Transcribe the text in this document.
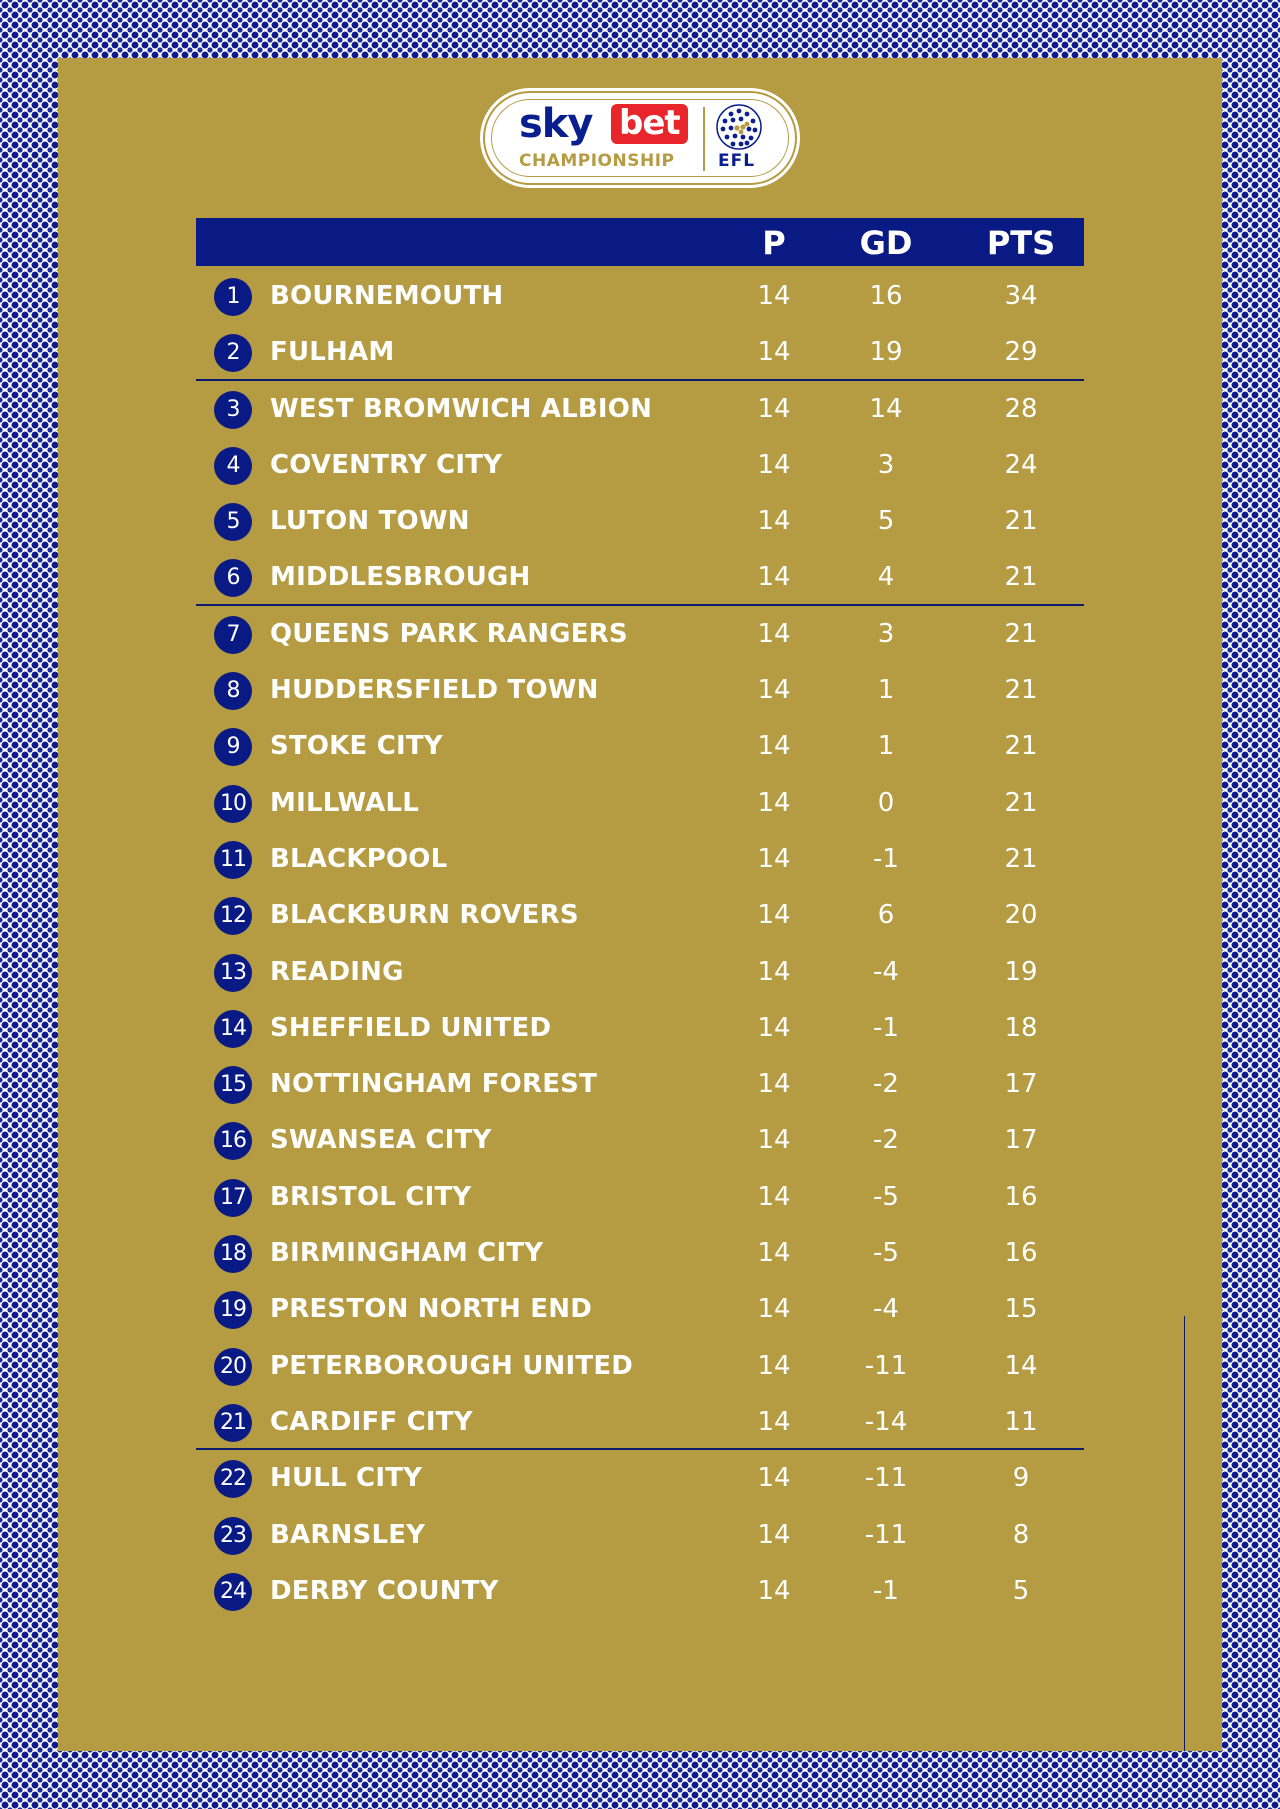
sky bet
CHAMPIONSHIP	EFL
P	GD	PTS
1	BOURNEMOUTH	14	16	34
2	FULHAM	14	19	29
3	WEST BROMWICH ALBION	14	14	28
4	COVENTRY CITY	14	3	24
5	LUTON TOWN	14	5	21
6	MIDDLESBROUGH	14	4	21
7	QUEENS PARK RANGERS	14	3	21
8	HUDDERSFIELD TOWN	14	1	21
9	STOKE CITY	14	1	21
10 MILLWALL	14	0	21
11 BLACKPOOL	14	-1	21
12 BLACKBURN ROVERS	14	6	20
13 READING	14	-4	19
14 SHEFFIELD UNITED	14	-1	18
15 NOTTINGHAM FOREST	14	-2	17
16 SWANSEA CITY	14	-2	17
17 BRISTOL CITY	14	-5	16
18 BIRMINGHAM CITY	14	-5	16
19 PRESTON NORTH END	14	-4	15
20 PETERBOROUGH UNITED	14	-11	14
21 CARDIFF CITY	14	-14	11
22 HULL CITY	14	-11	9
23 BARNSLEY	14	-11	8
24 DERBY COUNTY	14	-1	5
